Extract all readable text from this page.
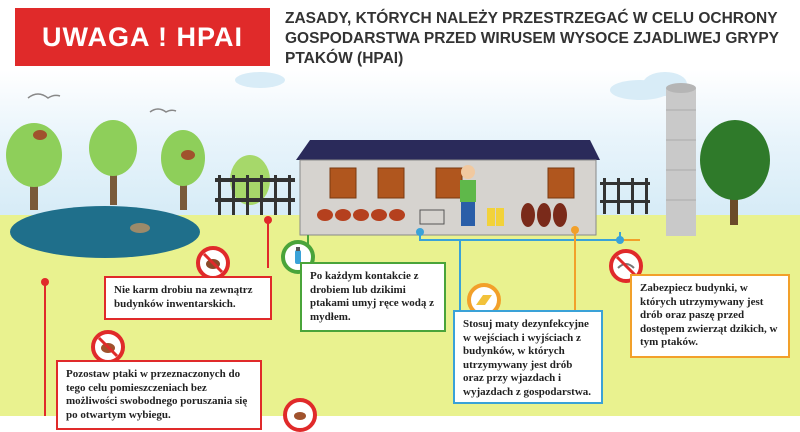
UWAGA ! HPAI
ZASADY, KTÓRYCH NALEŻY PRZESTRZEGAĆ W CELU OCHRONY GOSPODARSTWA PRZED WIRUSEM WYSOCE ZJADLIWEJ GRYPY PTAKÓW (HPAI)
Nie karm drobiu na zewnątrz budynków inwentarskich.
Po każdym kontakcie z drobiem lub dzikimi ptakami umyj ręce wodą z mydłem.
Zabezpiecz budynki, w których utrzymywany jest drób oraz paszę przed dostępem zwierząt dzikich, w tym ptaków.
Pozostaw ptaki w przeznaczonych do tego celu pomieszczeniach bez możliwości swobodnego poruszania się po otwartym wybiegu.
Stosuj maty dezynfekcyjne w wejściach i wyjściach z budynków, w których utrzymywany jest drób oraz przy wjazdach i wyjazdach z gospodarstwa.
